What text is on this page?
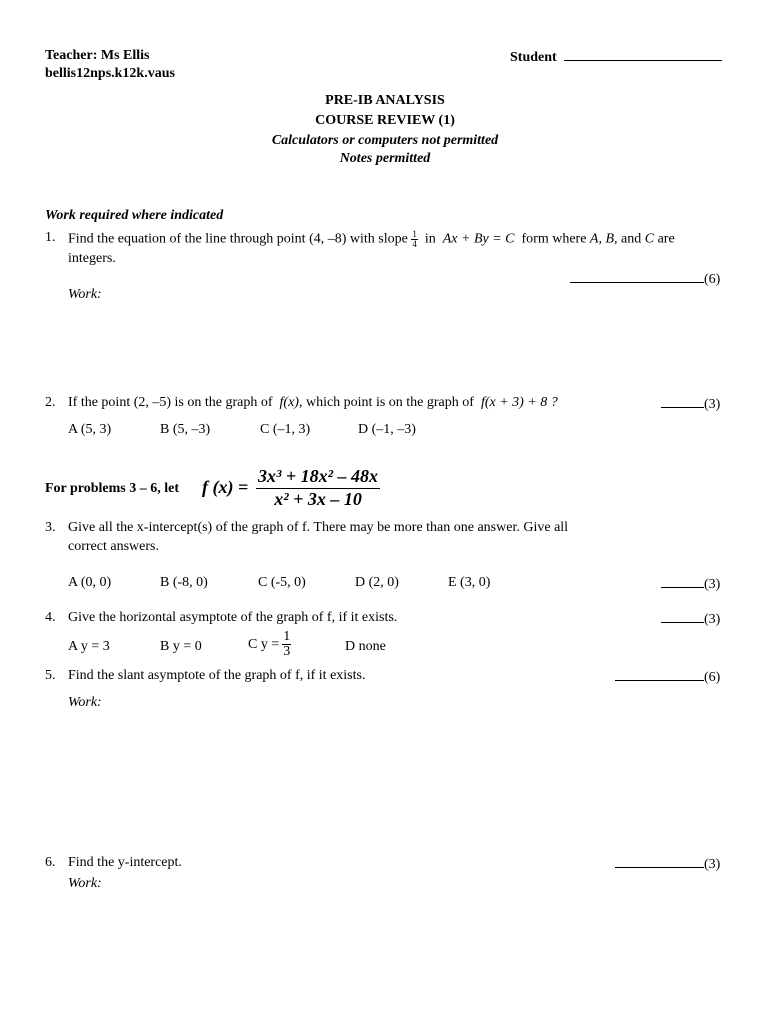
Teacher: Ms Ellis
bellis12nps.k12k.vaus
Student
PRE-IB ANALYSIS
COURSE REVIEW (1)
Calculators or computers not permitted
Notes permitted
Work required where indicated
1. Find the equation of the line through point (4, –8) with slope $\frac{1}{4}$ in Ax + By = C form where A, B, and C are
integers.
(6)
Work:
2. If the point (2, –5) is on the graph of f(x), which point is on the graph of f(x + 3) + 8 ?	(3)
A (5, 3)	B (5, –3)	C (–1, 3)	D (–1, –3)
For problems 3 – 6, let f $(x) = \frac{\text{3x³ + 18x² – 48x}}{\text{x² + 3x – 10}}$
3. Give all the x-intercept(s) of the graph of f. There may be more than one answer. Give all
correct answers.
A (0, 0)	B (-8, 0)	C (-5, 0)	D (2, 0)	E (3, 0)	(3)
4. Give the horizontal asymptote of the graph of f, if it exists.	(3)
A y = 3	B y = 0	C $y = \frac{1}{3}$	D none
5. Find the slant asymptote of the graph of f, if it exists.	(6)
Work:
6. Find the y-intercept.	(3)
Work:
